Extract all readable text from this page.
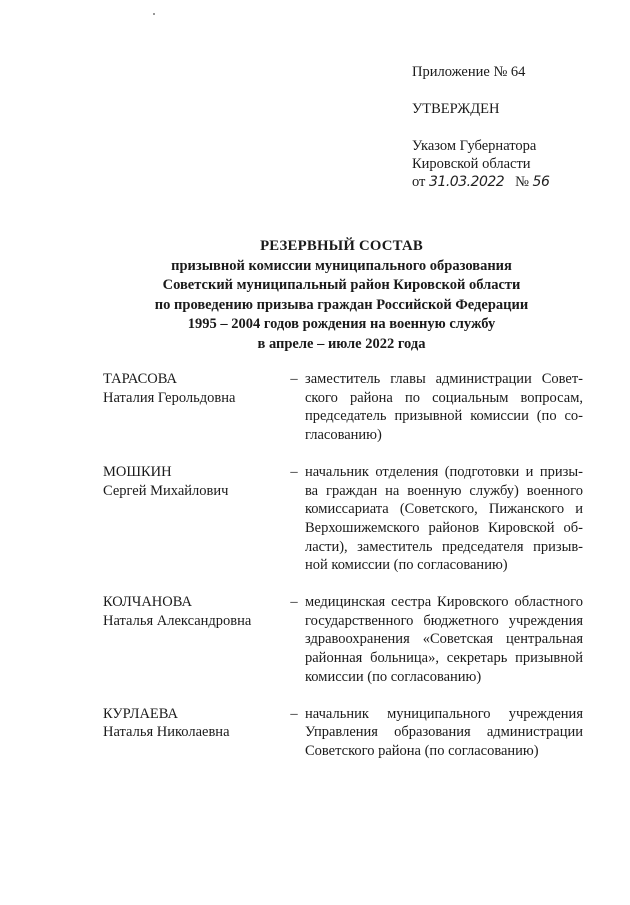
Приложение № 64
УТВЕРЖДЕН
Указом Губернатора
Кировской области
от 31.03.2022 № 56
РЕЗЕРВНЫЙ СОСТАВ
призывной комиссии муниципального образования
Советский муниципальный район Кировской области
по проведению призыва граждан Российской Федерации
1995 – 2004 годов рождения на военную службу
в апреле – июле 2022 года
ТАРАСОВА
Наталия Герольдовна
– заместитель главы администрации Совет-
ского района по социальным вопросам,
председатель призывной комиссии (по со-
гласованию)
МОШКИН
Сергей Михайлович
– начальник отделения (подготовки и призы-
ва граждан на военную службу) военного
комиссариата (Советского, Пижанского и
Верхошижемского районов Кировской об-
ласти), заместитель председателя призыв-
ной комиссии (по согласованию)
КОЛЧАНОВА
Наталья Александровна
– медицинская сестра Кировского областного
государственного бюджетного учреждения
здравоохранения «Советская центральная
районная больница», секретарь призывной
комиссии (по согласованию)
КУРЛАЕВА
Наталья Николаевна
– начальник муниципального учреждения
Управления образования администрации
Советского района (по согласованию)
